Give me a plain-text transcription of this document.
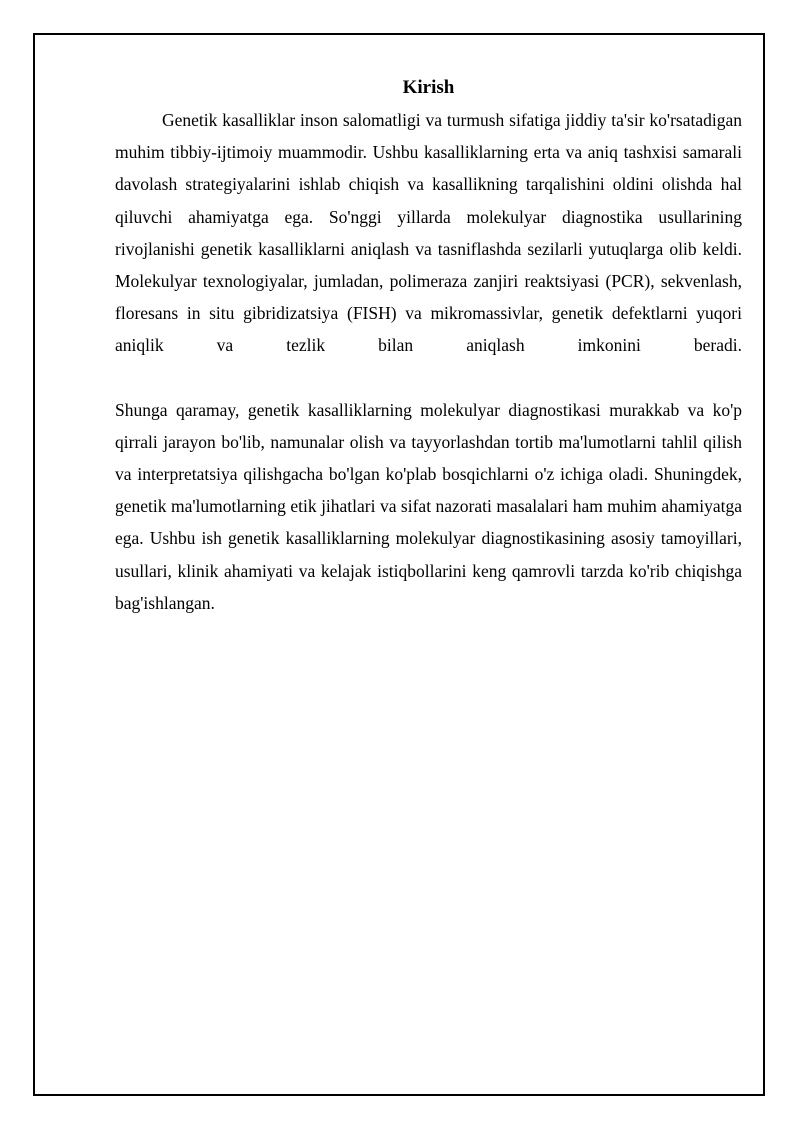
Kirish

Genetik kasalliklar inson salomatligi va turmush sifatiga jiddiy ta'sir ko'rsatadigan muhim tibbiy-ijtimoiy muammodir. Ushbu kasalliklarning erta va aniq tashxisi samarali davolash strategiyalarini ishlab chiqish va kasallikning tarqalishini oldini olishda hal qiluvchi ahamiyatga ega. So'nggi yillarda molekulyar diagnostika usullarining rivojlanishi genetik kasalliklarni aniqlash va tasniflashda sezilarli yutuqlarga olib keldi. Molekulyar texnologiyalar, jumladan, polimeraza zanjiri reaktsiyasi (PCR), sekvenlash, floresans in situ gibridizatsiya (FISH) va mikromassivlar, genetik defektlarni yuqori aniqlik va tezlik bilan aniqlash imkonini beradi.

Shunga qaramay, genetik kasalliklarning molekulyar diagnostikasi murakkab va ko'p qirrali jarayon bo'lib, namunalar olish va tayyorlashdan tortib ma'lumotlarni tahlil qilish va interpretatsiya qilishgacha bo'lgan ko'plab bosqichlarni o'z ichiga oladi. Shuningdek, genetik ma'lumotlarning etik jihatlari va sifat nazorati masalalari ham muhim ahamiyatga ega. Ushbu ish genetik kasalliklarning molekulyar diagnostikasining asosiy tamoyillari, usullari, klinik ahamiyati va kelajak istiqbollarini keng qamrovli tarzda ko'rib chiqishga bag'ishlangan.
